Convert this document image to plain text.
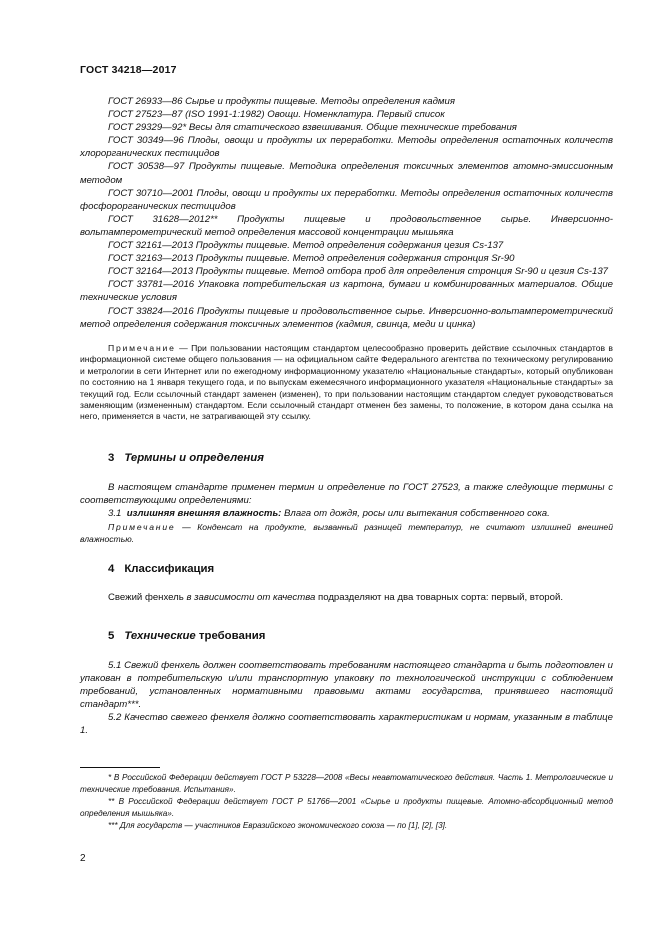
ГОСТ 34218—2017

ГОСТ 26933—86 Сырье и продукты пищевые. Методы определения кадмия

ГОСТ 27523—87 (ISO 1991-1:1982) Овощи. Номенклатура. Первый список

ГОСТ 29329—92* Весы для статического взвешивания. Общие технические требования

ГОСТ 30349—96 Плоды, овощи и продукты их переработки. Методы определения остаточных количеств хлорорганических пестицидов

ГОСТ 30538—97 Продукты пищевые. Методика определения токсичных элементов атомно-эмиссионным методом

ГОСТ 30710—2001 Плоды, овощи и продукты их переработки. Методы определения остаточных количеств фосфорорганических пестицидов

ГОСТ 31628—2012** Продукты пищевые и продовольственное сырье. Инверсионно-вольтамперометрический метод определения массовой концентрации мышьяка

ГОСТ 32161—2013 Продукты пищевые. Метод определения содержания цезия Cs-137

ГОСТ 32163—2013 Продукты пищевые. Метод определения содержания стронция Sr-90

ГОСТ 32164—2013 Продукты пищевые. Метод отбора проб для определения стронция Sr-90 и цезия Cs-137

ГОСТ 33781—2016 Упаковка потребительская из картона, бумаги и комбинированных материалов. Общие технические условия

ГОСТ 33824—2016 Продукты пищевые и продовольственное сырье. Инверсионно-вольтамперометрический метод определения содержания токсичных элементов (кадмия, свинца, меди и цинка)

Примечание — При пользовании настоящим стандартом целесообразно проверить действие ссылочных стандартов в информационной системе общего пользования — на официальном сайте Федерального агентства по техническому регулированию и метрологии в сети Интернет или по ежегодному информационному указателю «Национальные стандарты», который опубликован по состоянию на 1 января текущего года, и по выпускам ежемесячного информационного указателя «Национальные стандарты» за текущий год. Если ссылочный стандарт заменен (изменен), то при пользовании настоящим стандартом следует руководствоваться заменяющим (измененным) стандартом. Если ссылочный стандарт отменен без замены, то положение, в котором дана ссылка на него, применяется в части, не затрагивающей эту ссылку.

3 Термины и определения

В настоящем стандарте применен термин и определение по ГОСТ 27523, а также следующие термины с соответствующими определениями:

3.1 излишняя внешняя влажность: Влага от дождя, росы или вытекания собственного сока.

Примечание — Конденсат на продукте, вызванный разницей температур, не считают излишней внешней влажностью.

4 Классификация

Свежий фенхель в зависимости от качества подразделяют на два товарных сорта: первый, второй.

5 Технические требования

5.1 Свежий фенхель должен соответствовать требованиям настоящего стандарта и быть подготовлен и упакован в потребительскую и/или транспортную упаковку по технологической инструкции с соблюдением требований, установленных нормативными правовыми актами государства, принявшего настоящий стандарт***.

5.2 Качество свежего фенхеля должно соответствовать характеристикам и нормам, указанным в таблице 1.

* В Российской Федерации действует ГОСТ Р 53228—2008 «Весы неавтоматического действия. Часть 1. Метрологические и технические требования. Испытания».

** В Российской Федерации действует ГОСТ Р 51766—2001 «Сырье и продукты пищевые. Атомно-абсорбционный метод определения мышьяка».

*** Для государств — участников Евразийского экономического союза — по [1], [2], [3].

2
